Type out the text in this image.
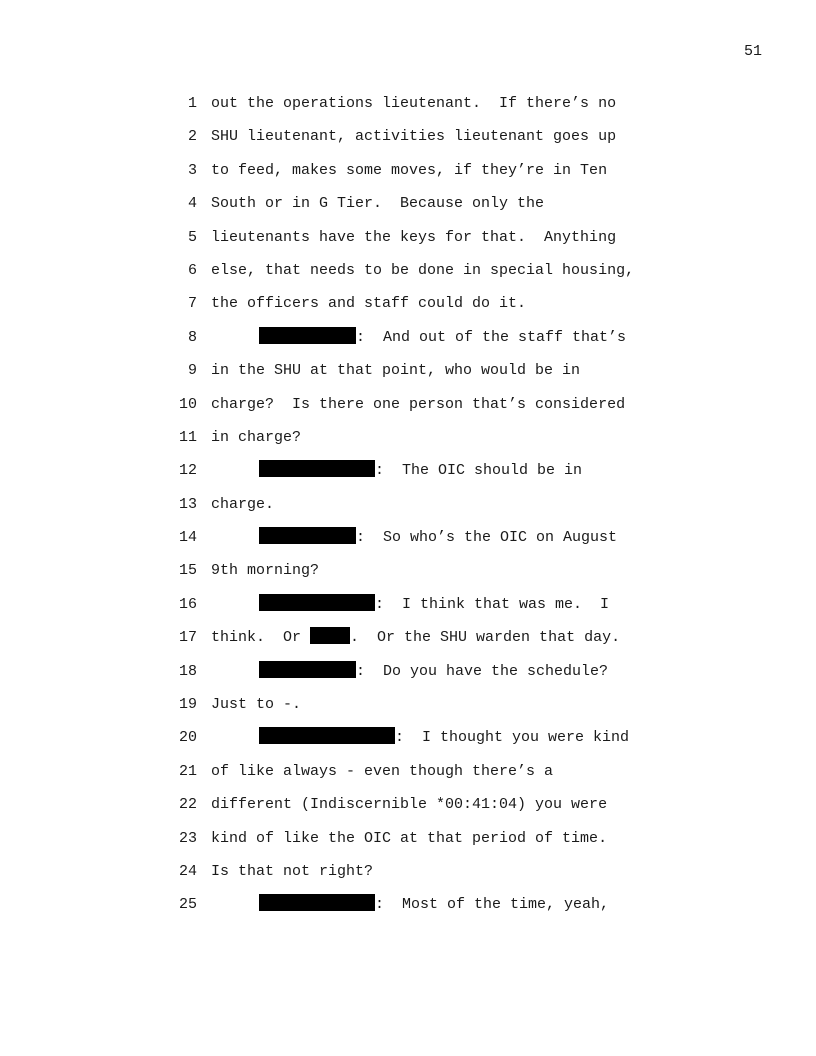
51
1 out the operations lieutenant.  If there’s no
2 SHU lieutenant, activities lieutenant goes up
3 to feed, makes some moves, if they’re in Ten
4 South or in G Tier.  Because only the
5 lieutenants have the keys for that.  Anything
6 else, that needs to be done in special housing,
7 the officers and staff could do it.
8	:  And out of the staff that’s
9 in the SHU at that point, who would be in
10 charge?  Is there one person that’s considered
11 in charge?
12	:  The OIC should be in
13 charge.
14	:  So who’s the OIC on August
15 9th morning?
16	:  I think that was me.  I
17 think.  Or	.  Or the SHU warden that day.
18	:  Do you have the schedule?
19 Just to -.
20	:  I thought you were kind
21 of like always - even though there’s a
22 different (Indiscernible *00:41:04) you were
23 kind of like the OIC at that period of time.
24 Is that not right?
25	:  Most of the time, yeah,
